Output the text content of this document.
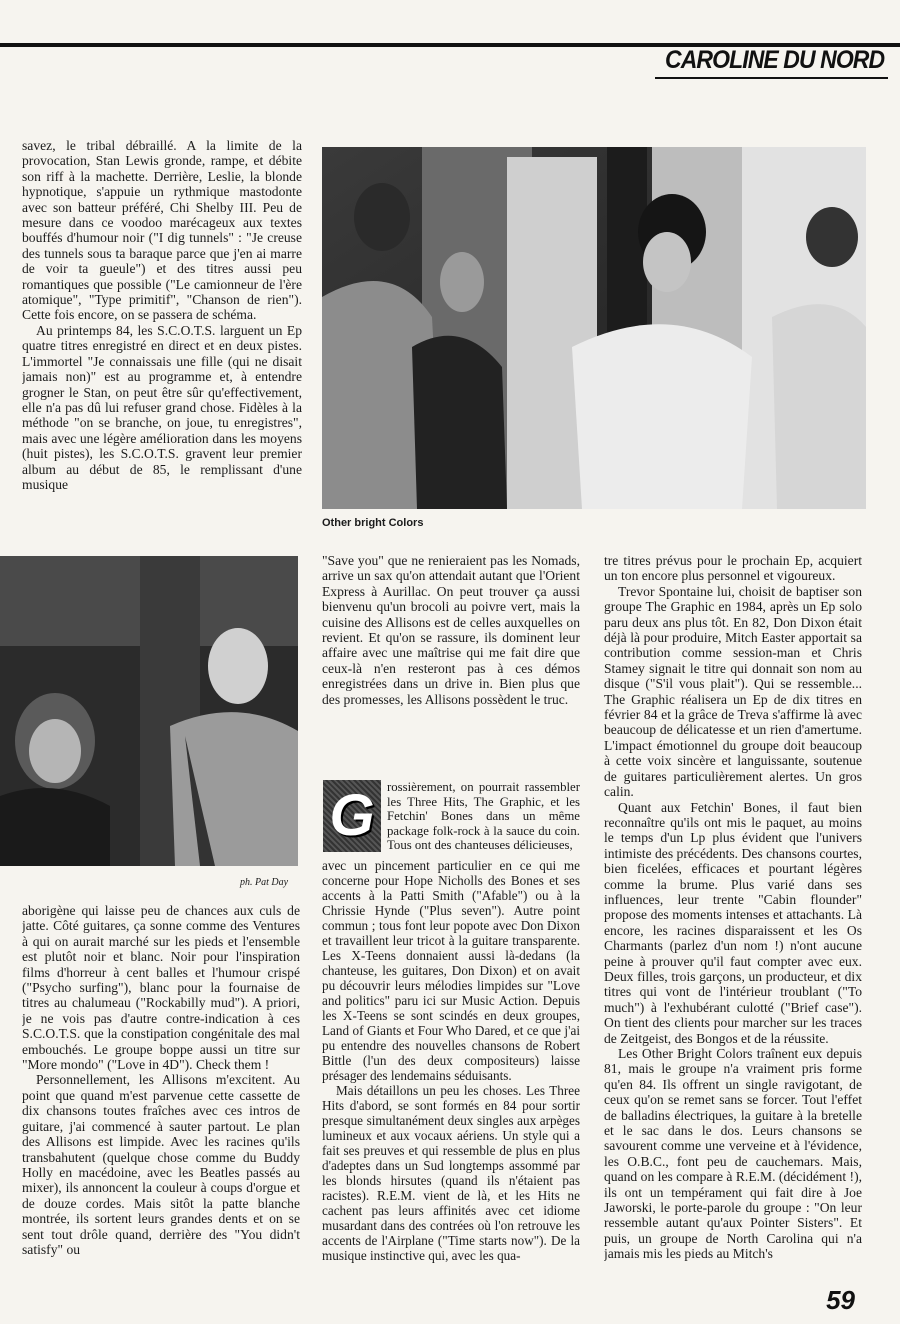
CAROLINE DU NORD

savez, le tribal débraillé. A la limite de la provocation, Stan Lewis gronde, rampe, et débite son riff à la machette. Derrière, Leslie, la blonde hypnotique, s'appuie un rythmique mastodonte avec son batteur préféré, Chi Shelby III. Peu de mesure dans ce voodoo marécageux aux textes bouffés d'humour noir ("I dig tunnels" : "Je creuse des tunnels sous ta baraque parce que j'en ai marre de voir ta gueule") et des titres aussi peu romantiques que possible ("Le camionneur de l'ère atomique", "Type primitif", "Chanson de rien"). Cette fois encore, on se passera de schéma.

Au printemps 84, les S.C.O.T.S. larguent un Ep quatre titres enregistré en direct et en deux pistes. L'immortel "Je connaissais une fille (qui ne disait jamais non)" est au programme et, à entendre grogner le Stan, on peut être sûr qu'effectivement, elle n'a pas dû lui refuser grand chose. Fidèles à la méthode "on se branche, on joue, tu enregistres", mais avec une légère amélioration dans les moyens (huit pistes), les S.C.O.T.S. gravent leur premier album au début de 85, le remplissant d'une musique

Other bright Colors

ph. Pat Day

aborigène qui laisse peu de chances aux culs de jatte. Côté guitares, ça sonne comme des Ventures à qui on aurait marché sur les pieds et l'ensemble est plutôt noir et blanc. Noir pour l'inspiration films d'horreur à cent balles et l'humour crispé ("Psycho surfing"), blanc pour la fournaise de titres au chalumeau ("Rockabilly mud"). A priori, je ne vois pas d'autre contre-indication à ces S.C.O.T.S. que la constipation congénitale des mal embouchés. Le groupe boppe aussi un titre sur "More mondo" ("Love in 4D"). Check them !

Personnellement, les Allisons m'excitent. Au point que quand m'est parvenue cette cassette de dix chansons toutes fraîches avec ces intros de guitare, j'ai commencé à sauter partout. Le plan des Allisons est limpide. Avec les racines qu'ils transbahutent (quelque chose comme du Buddy Holly en macédoine, avec les Beatles passés au mixer), ils annoncent la couleur à coups d'orgue et de douze cordes. Mais sitôt la patte blanche montrée, ils sortent leurs grandes dents et on se sent tout drôle quand, derrière des "You didn't satisfy" ou

"Save you" que ne renieraient pas les Nomads, arrive un sax qu'on attendait autant que l'Orient Express à Aurillac. On peut trouver ça aussi bienvenu qu'un brocoli au poivre vert, mais la cuisine des Allisons est de celles auxquelles on revient. Et qu'on se rassure, ils dominent leur affaire avec une maîtrise qui me fait dire que ceux-là n'en resteront pas à ces démos enregistrées dans un drive in. Bien plus que des promesses, les Allisons possèdent le truc.

G rossièrement, on pourrait rassembler les Three Hits, The Graphic, et les Fetchin' Bones dans un même package folk-rock à la sauce du coin. Tous ont des chanteuses délicieuses,

avec un pincement particulier en ce qui me concerne pour Hope Nicholls des Bones et ses accents à la Patti Smith ("Afable") ou à la Chrissie Hynde ("Plus seven"). Autre point commun ; tous font leur popote avec Don Dixon et travaillent leur tricot à la guitare transparente. Les X-Teens donnaient aussi là-dedans (la chanteuse, les guitares, Don Dixon) et on avait pu découvrir leurs mélodies limpides sur "Love and politics" paru ici sur Music Action. Depuis les X-Teens se sont scindés en deux groupes, Land of Giants et Four Who Dared, et ce que j'ai pu entendre des nouvelles chansons de Robert Bittle (l'un des deux compositeurs) laisse présager des lendemains séduisants.

Mais détaillons un peu les choses. Les Three Hits d'abord, se sont formés en 84 pour sortir presque simultanément deux singles aux arpèges lumineux et aux vocaux aériens. Un style qui a fait ses preuves et qui ressemble de plus en plus d'adeptes dans un Sud longtemps assommé par les blonds hirsutes (quand ils n'étaient pas racistes). R.E.M. vient de là, et les Hits ne cachent pas leurs affinités avec cet idiome musardant dans des contrées où l'on retrouve les accents de l'Airplane ("Time starts now"). De la musique instinctive qui, avec les qua-

tre titres prévus pour le prochain Ep, acquiert un ton encore plus personnel et vigoureux.

Trevor Spontaine lui, choisit de baptiser son groupe The Graphic en 1984, après un Ep solo paru deux ans plus tôt. En 82, Don Dixon était déjà là pour produire, Mitch Easter apportait sa contribution comme session-man et Chris Stamey signait le titre qui donnait son nom au disque ("S'il vous plait"). Qui se ressemble... The Graphic réalisera un Ep de dix titres en février 84 et la grâce de Treva s'affirme là avec beaucoup de délicatesse et un rien d'amertume. L'impact émotionnel du groupe doit beaucoup à cette voix sincère et languissante, soutenue de guitares particulièrement alertes. Un gros calin.

Quant aux Fetchin' Bones, il faut bien reconnaître qu'ils ont mis le paquet, au moins le temps d'un Lp plus évident que l'univers intimiste des précédents. Des chansons courtes, bien ficelées, efficaces et pourtant légères comme la brume. Plus varié dans ses influences, leur trente "Cabin flounder" propose des moments intenses et attachants. Là encore, les racines disparaissent et les Os Charmants (parlez d'un nom !) n'ont aucune peine à prouver qu'il faut compter avec eux. Deux filles, trois garçons, un producteur, et dix titres qui vont de l'intérieur troublant ("To much") à l'exhubérant culotté ("Brief case"). On tient des clients pour marcher sur les traces de Zeitgeist, des Bongos et de la réussite.

Les Other Bright Colors traînent eux depuis 81, mais le groupe n'a vraiment pris forme qu'en 84. Ils offrent un single ravigotant, de ceux qu'on se remet sans se forcer. Tout l'effet de balladins électriques, la guitare à la bretelle et le sac dans le dos. Leurs chansons se savourent comme une verveine et à l'évidence, les O.B.C., font peu de cauchemars. Mais, quand on les compare à R.E.M. (décidément !), ils ont un tempérament qui fait dire à Joe Jaworski, le porte-parole du groupe : "On leur ressemble autant qu'aux Pointer Sisters". Et puis, un groupe de North Carolina qui n'a jamais mis les pieds au Mitch's

59
